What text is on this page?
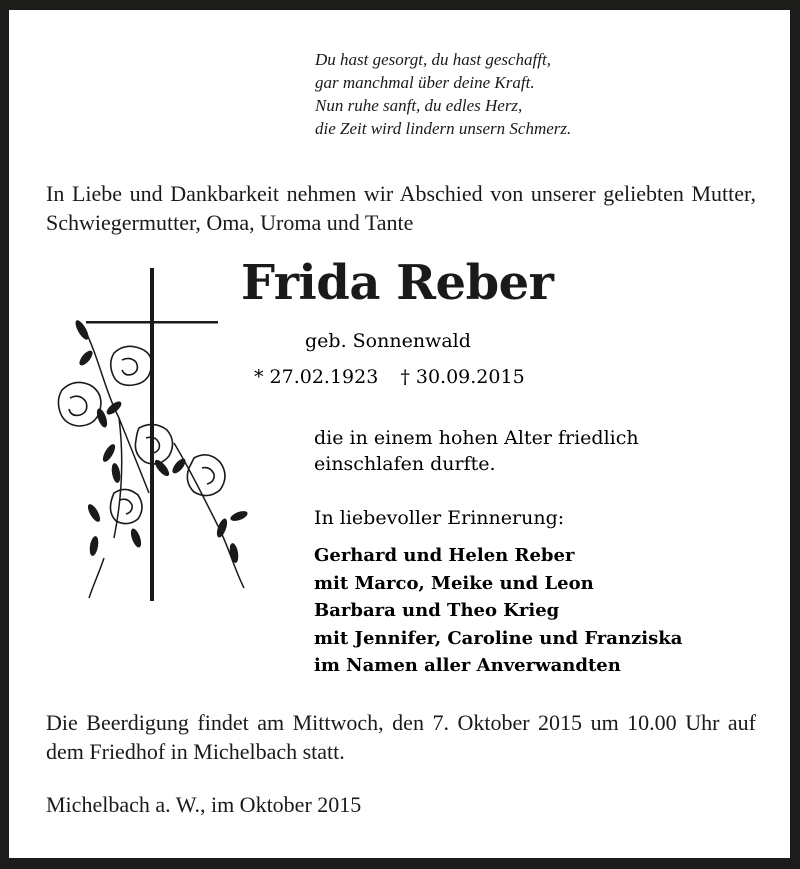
Du hast gesorgt, du hast geschafft,
gar manchmal über deine Kraft.
Nun ruhe sanft, du edles Herz,
die Zeit wird lindern unsern Schmerz.
In Liebe und Dankbarkeit nehmen wir Abschied von unserer geliebten Mutter, Schwiegermutter, Oma, Uroma und Tante
Frida Reber
geb. Sonnenwald
* 27.02.1923 † 30.09.2015
die in einem hohen Alter friedlich
einschlafen durfte.
In liebevoller Erinnerung:
Gerhard und Helen Reber
mit Marco, Meike und Leon
Barbara und Theo Krieg
mit Jennifer, Caroline und Franziska
im Namen aller Anverwandten
Die Beerdigung findet am Mittwoch, den 7. Oktober 2015 um 10.00 Uhr auf dem Friedhof in Michelbach statt.
Michelbach a. W., im Oktober 2015
